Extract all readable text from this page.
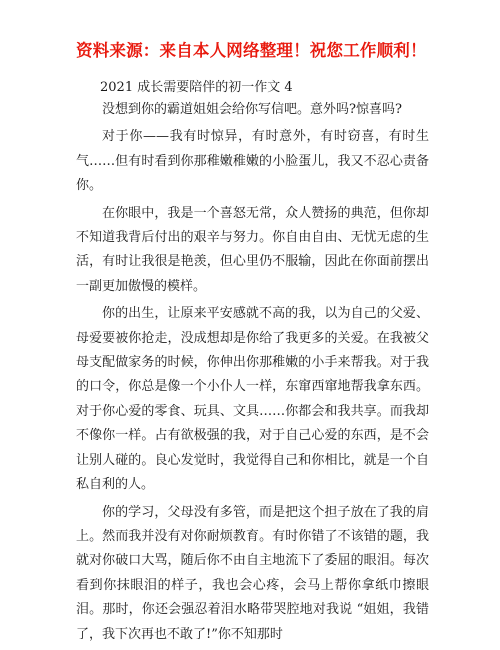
资料来源：来自本人网络整理！祝您工作顺利！
2021 成长需要陪伴的初一作文 4

没想到你的霸道姐姐会给你写信吧。意外吗?惊喜吗?

对于你——我有时惊异，有时意外，有时窃喜，有时生气……但有时看到你那稚嫩稚嫩的小脸蛋儿，我又不忍心责备你。

在你眼中，我是一个喜怒无常，众人赞扬的典范，但你却不知道我背后付出的艰辛与努力。你自由自由、无忧无虑的生活，有时让我很是艳羡，但心里仍不服输，因此在你面前摆出一副更加傲慢的模样。

你的出生，让原来平安感就不高的我，以为自己的父爱、母爱要被你抢走，没成想却是你给了我更多的关爱。在我被父母支配做家务的时候，你伸出你那稚嫩的小手来帮我。对于我的口令，你总是像一个小仆人一样，东窜西窜地帮我拿东西。对于你心爱的零食、玩具、文具……你都会和我共享。而我却不像你一样。占有欲极强的我，对于自己心爱的东西，是不会让别人碰的。良心发觉时，我觉得自己和你相比，就是一个自私自利的人。

你的学习，父母没有多管，而是把这个担子放在了我的肩上。然而我并没有对你耐烦教育。有时你错了不该错的题，我就对你破口大骂，随后你不由自主地流下了委屈的眼泪。每次看到你抹眼泪的样子，我也会心疼，会马上帮你拿纸巾擦眼泪。那时，你还会强忍着泪水略带哭腔地对我说 “姐姐，我错了，我下次再也不敢了!”你不知那时
